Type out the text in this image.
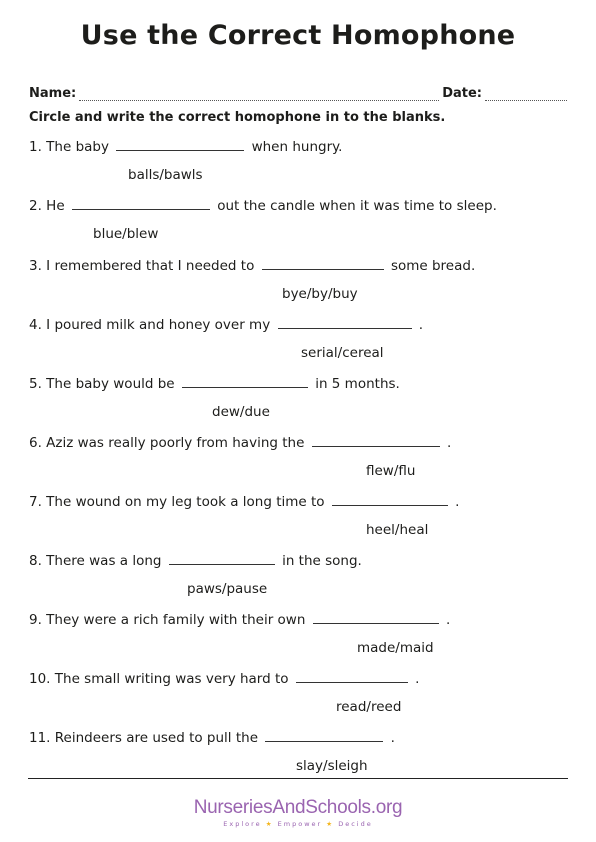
Use the Correct Homophone
Name:	Date:
Circle and write the correct homophone in to the blanks.
1. The baby	when hungry.
balls/bawls
2. He	out the candle when it was time to sleep.
blue/blew
3. I remembered that I needed to	some bread.
bye/by/buy
4. I poured milk and honey over my	.
serial/cereal
5. The baby would be	in 5 months.
dew/due
6. Aziz was really poorly from having the	.
flew/flu
7. The wound on my leg took a long time to	.
heel/heal
8. There was a long	in the song.
paws/pause
9. They were a rich family with their own	.
made/maid
10. The small writing was very hard to	.
read/reed
11. Reindeers are used to pull the	.
slay/sleigh
NurseriesAndSchools.org
Explore ★ Empower ★ Decide
